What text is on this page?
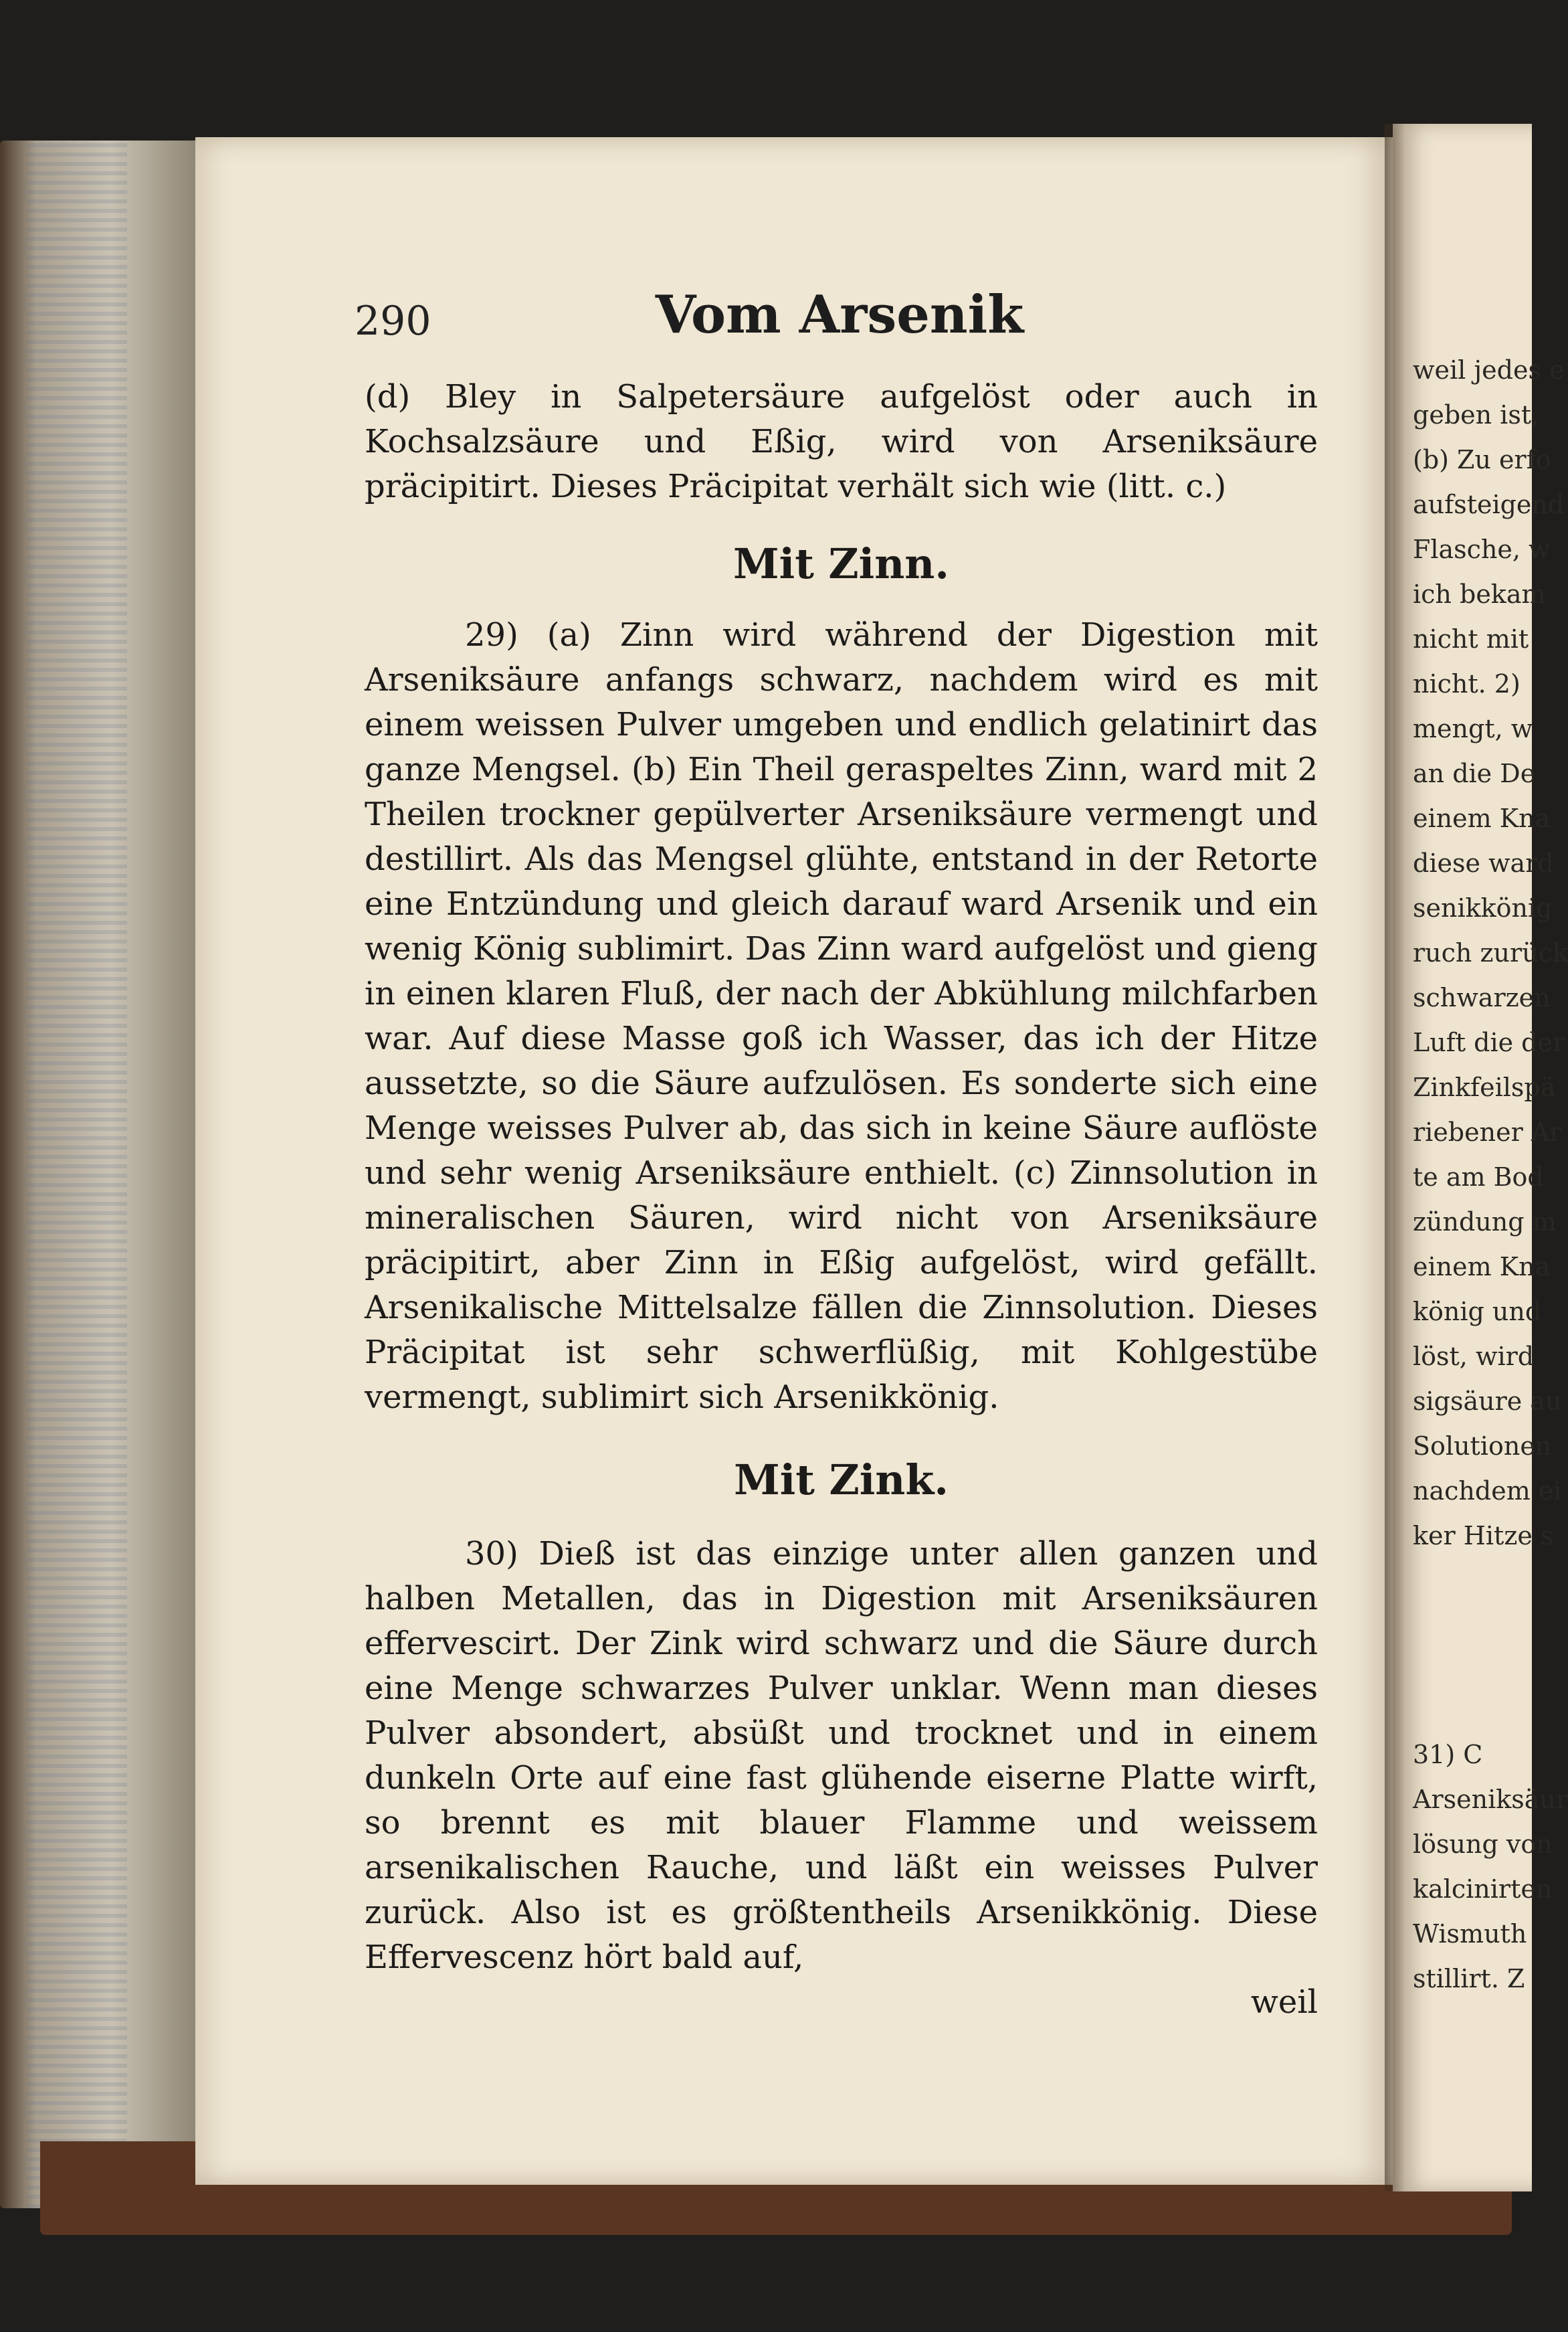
weil jedes e
geben ist,
(b) Zu erfo
aufsteigend
Flasche, w
ich bekam
nicht mit
nicht. 2)
mengt, w
an die De
einem Kna
diese ward
senikkönig
ruch zurück
schwarzen
Luft die der
Zinkfeilspä
riebener Ar
te am Bod
zündung m
einem Kna
könig und
löst, wird
sigsäure au
Solutionen
nachdem ei
ker Hitze s
31) C
Arseniksäur
lösung von
kalcinirten
Wismuth
stillirt. Z
290	Vom Arsenik

(d) Bley in Salpetersäure aufgelöst oder auch in Kochsalzsäure und Eßig, wird von Arseniksäure präcipitirt. Dieses Präcipitat verhält sich wie (litt. c.)

Mit Zinn.

29) (a) Zinn wird während der Digestion mit Arseniksäure anfangs schwarz, nachdem wird es mit einem weissen Pulver umgeben und endlich gelatinirt das ganze Mengsel. (b) Ein Theil geraspeltes Zinn, ward mit 2 Theilen trockner gepülverter Arseniksäure vermengt und destillirt. Als das Mengsel glühte, entstand in der Retorte eine Entzündung und gleich darauf ward Arsenik und ein wenig König sublimirt. Das Zinn ward aufgelöst und gieng in einen klaren Fluß, der nach der Abkühlung milchfarben war. Auf diese Masse goß ich Wasser, das ich der Hitze aussetzte, so die Säure aufzulösen. Es sonderte sich eine Menge weisses Pulver ab, das sich in keine Säure auflöste und sehr wenig Arseniksäure enthielt. (c) Zinnsolution in mineralischen Säuren, wird nicht von Arseniksäure präcipitirt, aber Zinn in Eßig aufgelöst, wird gefällt. Arsenikalische Mittelsalze fällen die Zinnsolution. Dieses Präcipitat ist sehr schwerflüßig, mit Kohlgestübe vermengt, sublimirt sich Arsenikkönig.

Mit Zink.

30) Dieß ist das einzige unter allen ganzen und halben Metallen, das in Digestion mit Arseniksäuren effervescirt. Der Zink wird schwarz und die Säure durch eine Menge schwarzes Pulver unklar. Wenn man dieses Pulver absondert, absüßt und trocknet und in einem dunkeln Orte auf eine fast glühende eiserne Platte wirft, so brennt es mit blauer Flamme und weissem arsenikalischen Rauche, und läßt ein weisses Pulver zurück. Also ist es größtentheils Arsenikkönig. Diese Effervescenz hört bald auf,

weil
